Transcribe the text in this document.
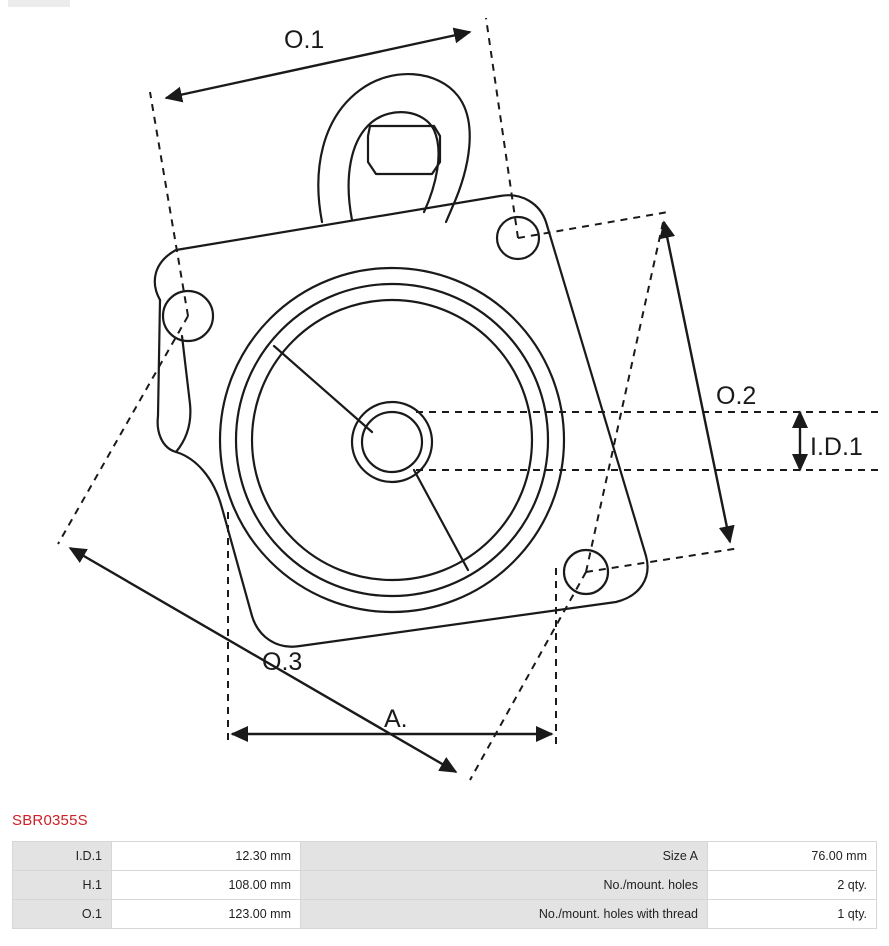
O.1
O.2
O.3
I.D.1
A.
SBR0355S
I.D.1	12.30 mm	Size A	76.00 mm
H.1	108.00 mm	No./mount. holes	2 qty.
O.1	123.00 mm	No./mount. holes with thread	1 qty.
